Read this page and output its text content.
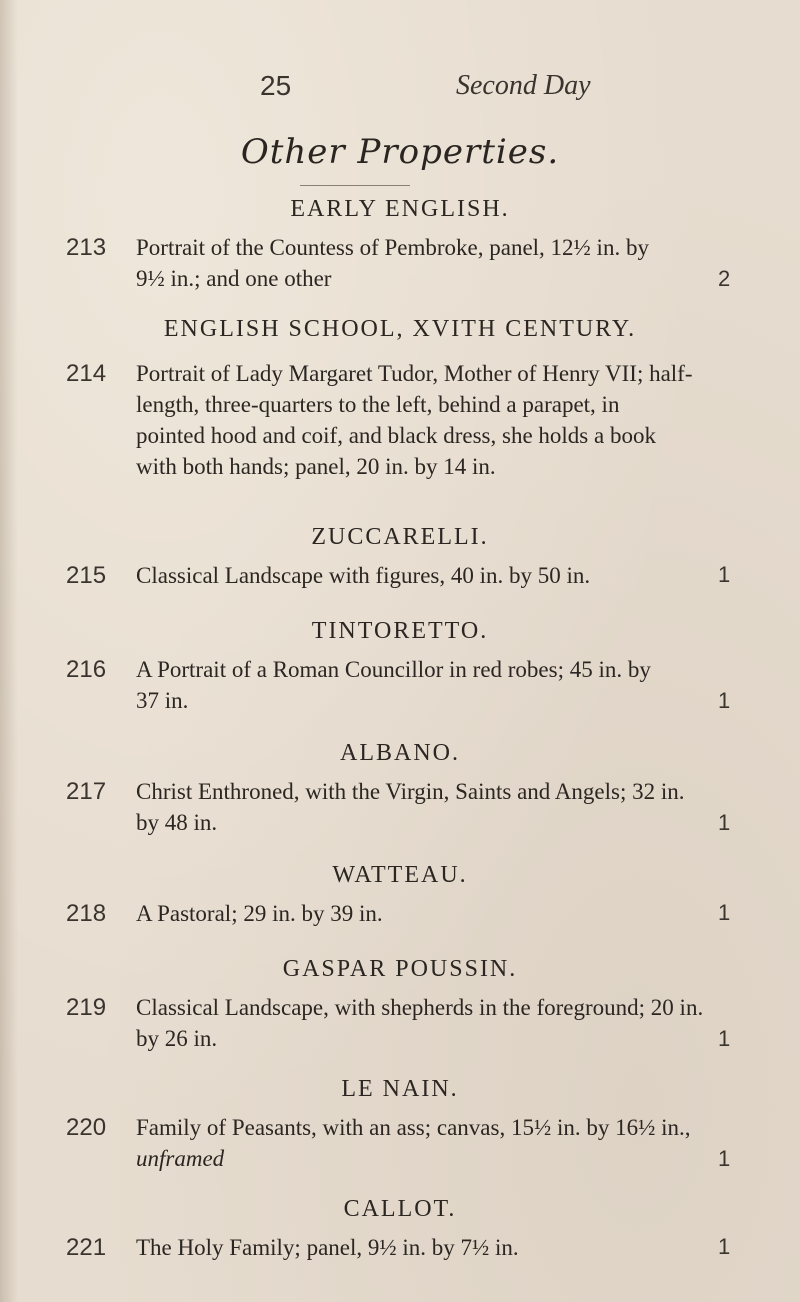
25	Second Day
Other Properties.
EARLY ENGLISH.
213 Portrait of the Countess of Pembroke, panel, 12½ in. by
9½ in.; and one other	2
ENGLISH SCHOOL, XVITH CENTURY.
214 Portrait of Lady Margaret Tudor, Mother of Henry VII; half-
length, three-quarters to the left, behind a parapet, in
pointed hood and coif, and black dress, she holds a book
with both hands; panel, 20 in. by 14 in.
ZUCCARELLI.
215 Classical Landscape with figures, 40 in. by 50 in.	1
TINTORETTO.
216 A Portrait of a Roman Councillor in red robes; 45 in. by
37 in.	1
ALBANO.
217 Christ Enthroned, with the Virgin, Saints and Angels; 32 in.
by 48 in.	1
WATTEAU.
218 A Pastoral; 29 in. by 39 in.	1
GASPAR POUSSIN.
219 Classical Landscape, with shepherds in the foreground; 20 in.
by 26 in.	1
LE NAIN.
220 Family of Peasants, with an ass; canvas, 15½ in. by 16½ in.,
unframed	1
CALLOT.
221 The Holy Family; panel, 9½ in. by 7½ in.	1
